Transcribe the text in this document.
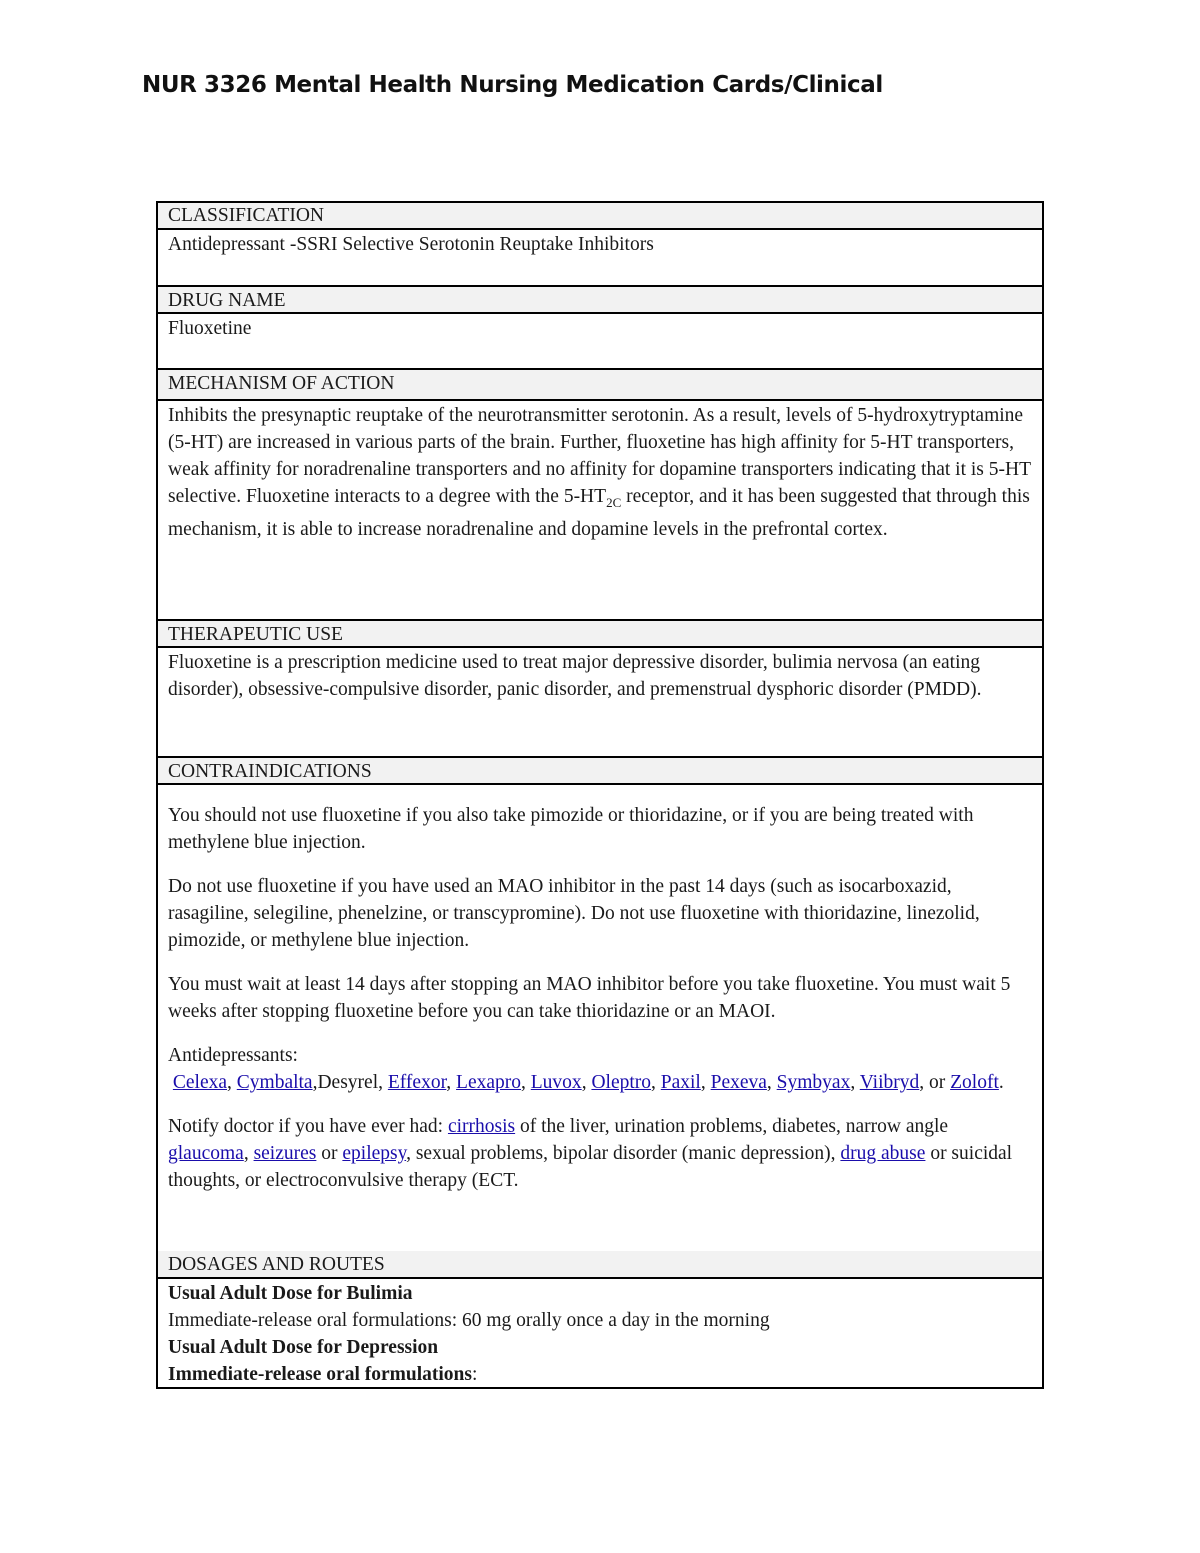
NUR 3326 Mental Health Nursing Medication Cards/Clinical
CLASSIFICATION
Antidepressant -SSRI Selective Serotonin Reuptake Inhibitors
DRUG NAME
Fluoxetine
MECHANISM OF ACTION
Inhibits the presynaptic reuptake of the neurotransmitter serotonin. As a result, levels of 5-hydroxytryptamine (5-HT) are increased in various parts of the brain. Further, fluoxetine has high affinity for 5-HT transporters, weak affinity for noradrenaline transporters and no affinity for dopamine transporters indicating that it is 5-HT selective. Fluoxetine interacts to a degree with the $5-HT_{2C}$ receptor, and it has been suggested that through this mechanism, it is able to increase noradrenaline and dopamine levels in the prefrontal cortex.
THERAPEUTIC USE
Fluoxetine is a prescription medicine used to treat major depressive disorder, bulimia nervosa (an eating disorder), obsessive-compulsive disorder, panic disorder, and premenstrual dysphoric disorder (PMDD).
CONTRAINDICATIONS

You should not use fluoxetine if you also take pimozide or thioridazine, or if you are being treated with methylene blue injection.

Do not use fluoxetine if you have used an MAO inhibitor in the past 14 days (such as isocarboxazid, rasagiline, selegiline, phenelzine, or transcypromine). Do not use fluoxetine with thioridazine, linezolid, pimozide, or methylene blue injection.

You must wait at least 14 days after stopping an MAO inhibitor before you take fluoxetine. You must wait 5 weeks after stopping fluoxetine before you can take thioridazine or an MAOI.

Antidepressants:
Celexa, Cymbalta,Desyrel, Effexor, Lexapro, Luvox, Oleptro, Paxil, Pexeva, Symbyax, Viibryd, or Zoloft.

Notify doctor if you have ever had: cirrhosis of the liver, urination problems, diabetes, narrow angle glaucoma, seizures or epilepsy, sexual problems, bipolar disorder (manic depression), drug abuse or suicidal thoughts, or electroconvulsive therapy (ECT.

DOSAGES AND ROUTES
Usual Adult Dose for Bulimia
Immediate-release oral formulations: 60 mg orally once a day in the morning
Usual Adult Dose for Depression
Immediate-release oral formulations:
